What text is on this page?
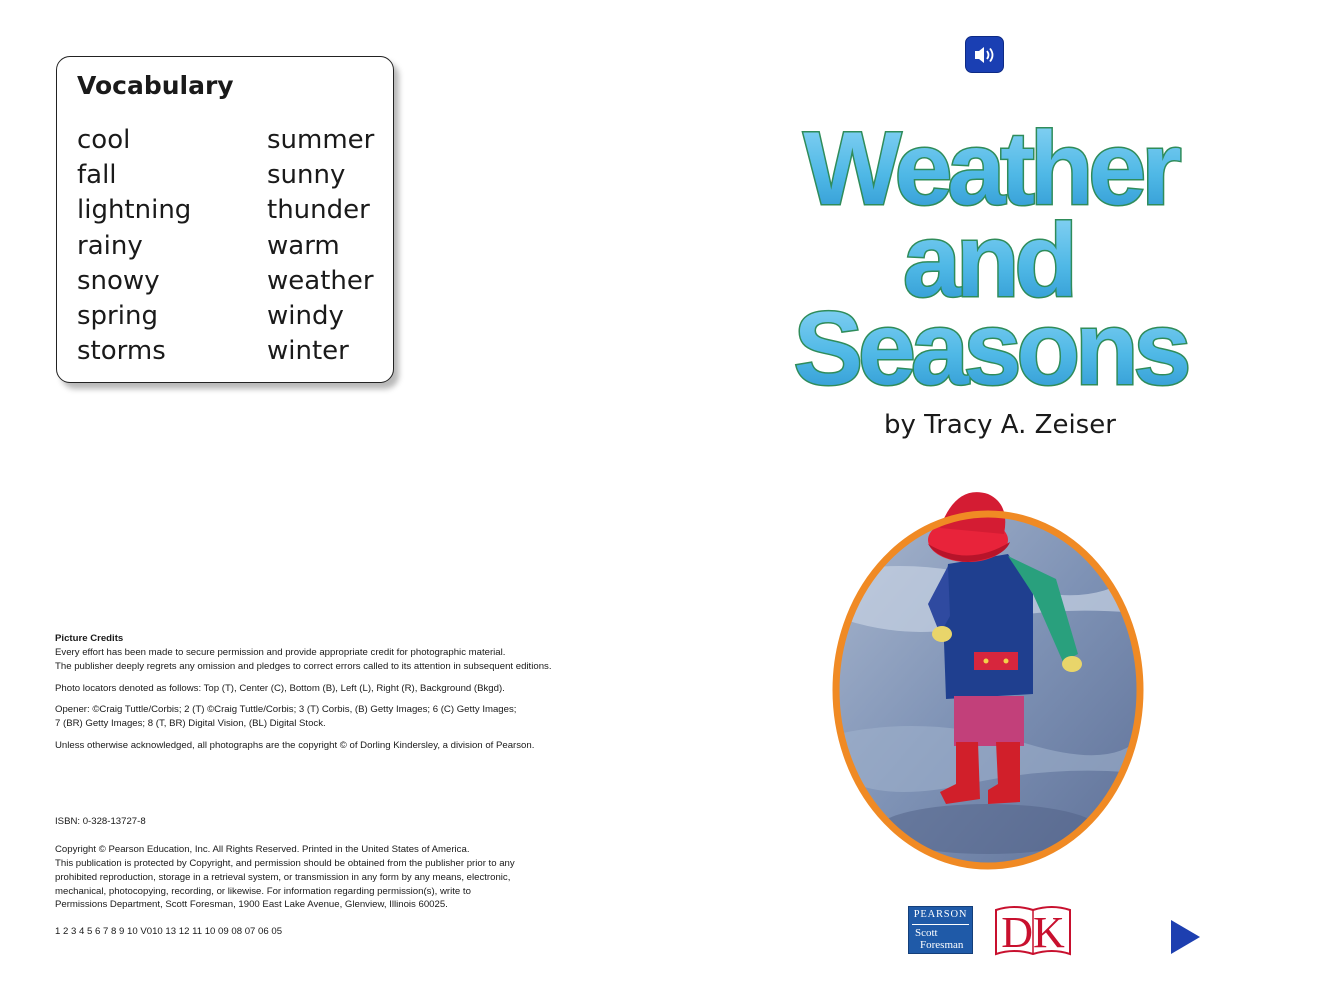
Vocabulary
cool
fall
lightning
rainy
snowy
spring
storms
summer
sunny
thunder
warm
weather
windy
winter
Picture Credits
Every effort has been made to secure permission and provide appropriate credit for photographic material.
The publisher deeply regrets any omission and pledges to correct errors called to its attention in subsequent editions.
Photo locators denoted as follows: Top (T), Center (C), Bottom (B), Left (L), Right (R), Background (Bkgd).
Opener: ©Craig Tuttle/Corbis; 2 (T) ©Craig Tuttle/Corbis; 3 (T) Corbis, (B) Getty Images; 6 (C) Getty Images;
7 (BR) Getty Images; 8 (T, BR) Digital Vision, (BL) Digital Stock.
Unless otherwise acknowledged, all photographs are the copyright © of Dorling Kindersley, a division of Pearson.
ISBN: 0-328-13727-8
Copyright © Pearson Education, Inc. All Rights Reserved. Printed in the United States of America.
This publication is protected by Copyright, and permission should be obtained from the publisher prior to any
prohibited reproduction, storage in a retrieval system, or transmission in any form by any means, electronic,
mechanical, photocopying, recording, or likewise. For information regarding permission(s), write to
Permissions Department, Scott Foresman, 1900 East Lake Avenue, Glenview, Illinois 60025.
1 2 3 4 5 6 7 8 9 10 V010 13 12 11 10 09 08 07 06 05
Weather
and
Seasons
by Tracy A. Zeiser
PEARSON
Scott
Foresman DK
